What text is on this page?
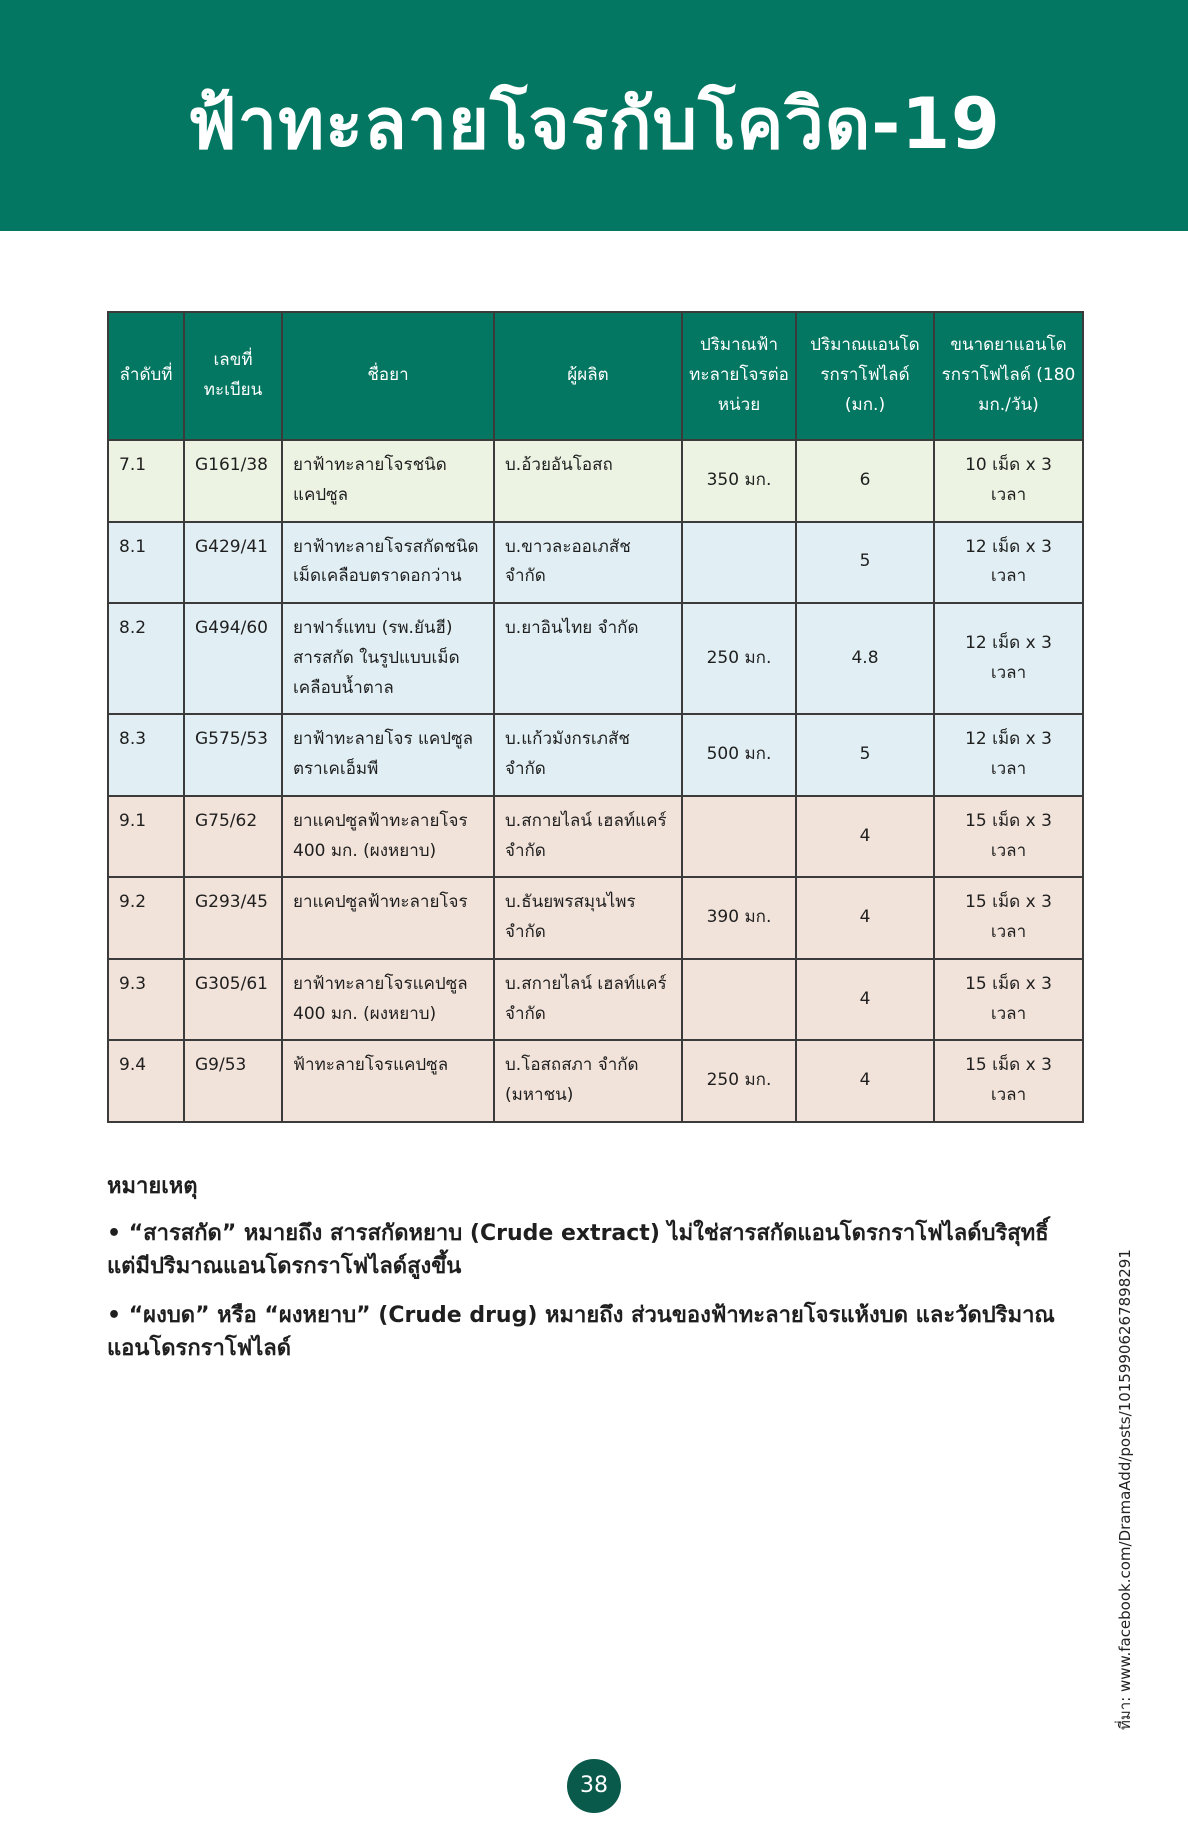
ฟ้าทะลายโจรกับโควิด-19
ลำดับที่	เลขที่ทะเบียน	ชื่อยา	ผู้ผลิต	ปริมาณฟ้าทะลายโจรต่อหน่วย	ปริมาณแอนโดรกราโฟไลด์ (มก.)	ขนาดยาแอนโดรกราโฟไลด์ (180 มก./วัน)
7.1	G161/38	ยาฟ้าทะลายโจรชนิดแคปซูล	บ.อ้วยอันโอสถ	350 มก.	6	10 เม็ด x 3 เวลา
8.1	G429/41	ยาฟ้าทะลายโจรสกัดชนิดเม็ดเคลือบตราดอกว่าน	บ.ขาวละออเภสัช จำกัด		5	12 เม็ด x 3 เวลา
8.2	G494/60	ยาฟาร์แทบ (รพ.ยันฮี) สารสกัด ในรูปแบบเม็ดเคลือบน้ำตาล	บ.ยาอินไทย จำกัด	250 มก.	4.8	12 เม็ด x 3 เวลา
8.3	G575/53	ยาฟ้าทะลายโจร แคปซูลตราเคเอ็มพี	บ.แก้วมังกรเภสัช จำกัด	500 มก.	5	12 เม็ด x 3 เวลา
9.1	G75/62	ยาแคปซูลฟ้าทะลายโจร 400 มก. (ผงหยาบ)	บ.สกายไลน์ เฮลท์แคร์ จำกัด		4	15 เม็ด x 3 เวลา
9.2	G293/45	ยาแคปซูลฟ้าทะลายโจร	บ.ธันยพรสมุนไพร จำกัด	390 มก.	4	15 เม็ด x 3 เวลา
9.3	G305/61	ยาฟ้าทะลายโจรแคปซูล 400 มก. (ผงหยาบ)	บ.สกายไลน์ เฮลท์แคร์ จำกัด		4	15 เม็ด x 3 เวลา
9.4	G9/53	ฟ้าทะลายโจรแคปซูล	บ.โอสถสภา จำกัด (มหาชน)	250 มก.	4	15 เม็ด x 3 เวลา
หมายเหตุ
• “สารสกัด” หมายถึง สารสกัดหยาบ (Crude extract) ไม่ใช่สารสกัดแอนโดรกราโฟไลด์บริสุทธิ์ แต่มีปริมาณแอนโดรกราโฟไลด์สูงขึ้น
• “ผงบด” หรือ “ผงหยาบ” (Crude drug) หมายถึง ส่วนของฟ้าทะลายโจรแห้งบด และวัดปริมาณแอนโดรกราโฟไลด์	ที่มา: www.facebook.com/DramaAdd/posts/10159906267898291
38
